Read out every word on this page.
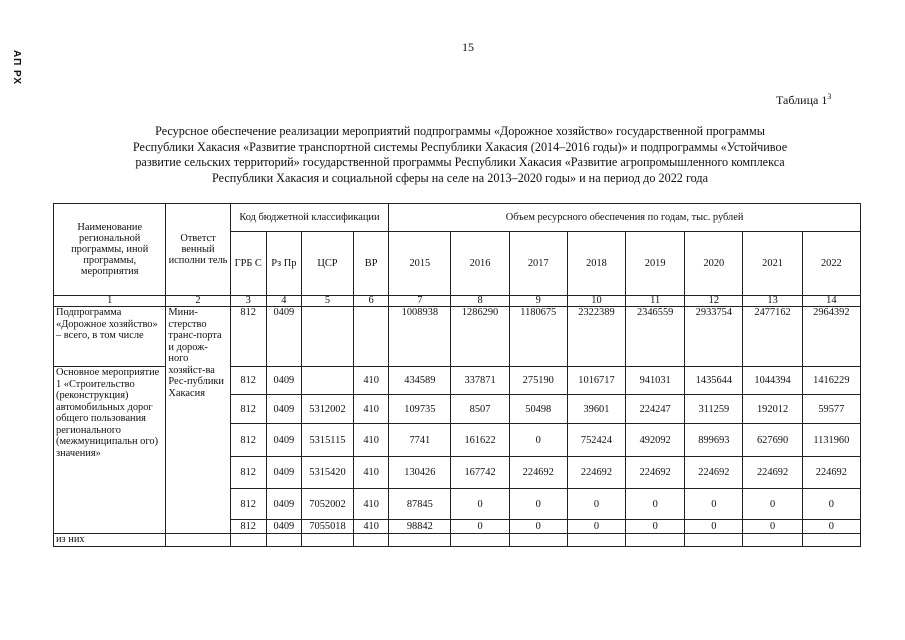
АП РХ
15
Таблица $1^3$
Ресурсное обеспечение реализации мероприятий подпрограммы «Дорожное хозяйство» государственной программы
Республики Хакасия «Развитие транспортной системы Республики Хакасия (2014–2016 годы)» и подпрограммы «Устойчивое
развитие сельских территорий» государственной программы Республики Хакасия «Развитие агропромышленного комплекса
Республики Хакасия и социальной сферы на селе на 2013–2020 годы» и на период до 2022 года
Наименование региональной программы, иной программы, мероприятия	Ответст венный исполни тель	Код бюджетной классификации				Объем ресурсного обеспечения по годам, тыс. рублей							
		ГРБ С	Рз Пр	ЦСР	ВР	2015	2016	2017	2018	2019	2020	2021	2022
1	2	3	4	5	6	7	8	9	10	11	12	13	14
Подпрограмма «Дорожное хозяйство» – всего, в том числе	Мини-стерство транс-порта и дорож-ного хозяйст-ва Рес-публики Хакасия	812	0409			1008938	1286290	1180675	2322389	2346559	2933754	2477162	2964392
Основное мероприятие 1 «Строительство (реконструкция) автомобильных дорог общего пользования регионального (межмуниципальн ого) значения»		812	0409		410	434589	337871	275190	1016717	941031	1435644	1044394	1416229
		812	0409	5312002	410	109735	8507	50498	39601	224247	311259	192012	59577
		812	0409	5315115	410	7741	161622	0	752424	492092	899693	627690	1131960
		812	0409	5315420	410	130426	167742	224692	224692	224692	224692	224692	224692
		812	0409	7052002	410	87845	0	0	0	0	0	0	0
		812	0409	7055018	410	98842	0	0	0	0	0	0	0
из них													
